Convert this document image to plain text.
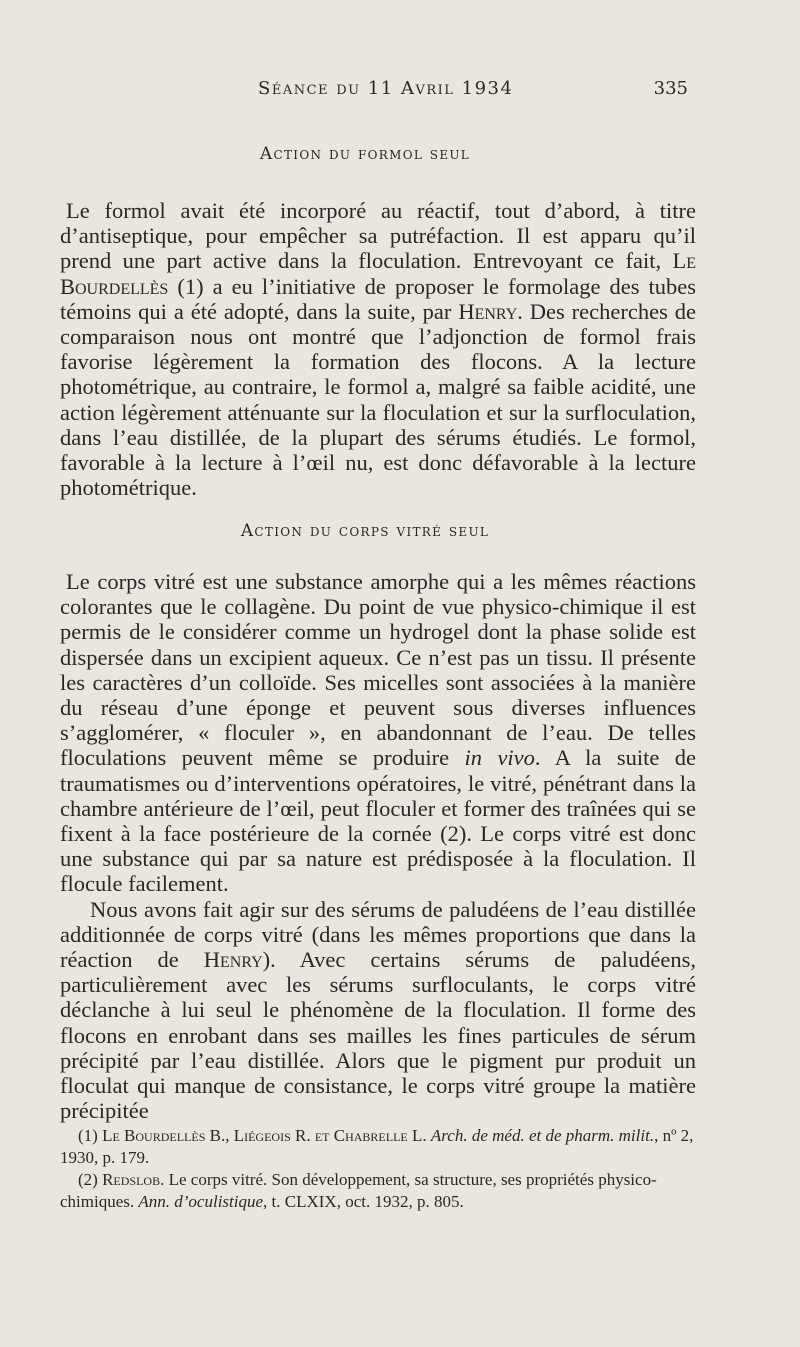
Séance du 11 Avril 1934	335
Action du formol seul

Le formol avait été incorporé au réactif, tout d’abord, à titre d’antiseptique, pour empêcher sa putréfaction. Il est apparu qu’il prend une part active dans la floculation. Entrevoyant ce fait, Le Bourdellès (1) a eu l’initiative de proposer le formolage des tubes témoins qui a été adopté, dans la suite, par Henry. Des recherches de comparaison nous ont montré que l’adjonction de formol frais favorise légèrement la formation des flocons. A la lecture photométrique, au contraire, le formol a, malgré sa faible acidité, une action légèrement atténuante sur la floculation et sur la surfloculation, dans l’eau distillée, de la plupart des sérums étudiés. Le formol, favorable à la lecture à l’œil nu, est donc défavorable à la lecture photométrique.

Action du corps vitré seul

Le corps vitré est une substance amorphe qui a les mêmes réactions colorantes que le collagène. Du point de vue physico-chimique il est permis de le considérer comme un hydrogel dont la phase solide est dispersée dans un excipient aqueux. Ce n’est pas un tissu. Il présente les caractères d’un colloïde. Ses micelles sont associées à la manière du réseau d’une éponge et peuvent sous diverses influences s’agglomérer, « floculer », en abandonnant de l’eau. De telles floculations peuvent même se produire in vivo. A la suite de traumatismes ou d’interventions opératoires, le vitré, pénétrant dans la chambre antérieure de l’œil, peut floculer et former des traînées qui se fixent à la face postérieure de la cornée (2). Le corps vitré est donc une substance qui par sa nature est prédisposée à la floculation. Il flocule facilement.

Nous avons fait agir sur des sérums de paludéens de l’eau distillée additionnée de corps vitré (dans les mêmes proportions que dans la réaction de Henry). Avec certains sérums de paludéens, particulièrement avec les sérums surfloculants, le corps vitré déclanche à lui seul le phénomène de la floculation. Il forme des flocons en enrobant dans ses mailles les fines particules de sérum précipité par l’eau distillée. Alors que le pigment pur produit un floculat qui manque de consistance, le corps vitré groupe la matière précipitée

(1) Le Bourdellès B., Liégeois R. et Chabrelle L. Arch. de méd. et de pharm. milit., nº 2, 1930, p. 179.

(2) Redslob. Le corps vitré. Son développement, sa structure, ses propriétés physico-chimiques. Ann. d’oculistique, t. CLXIX, oct. 1932, p. 805.
